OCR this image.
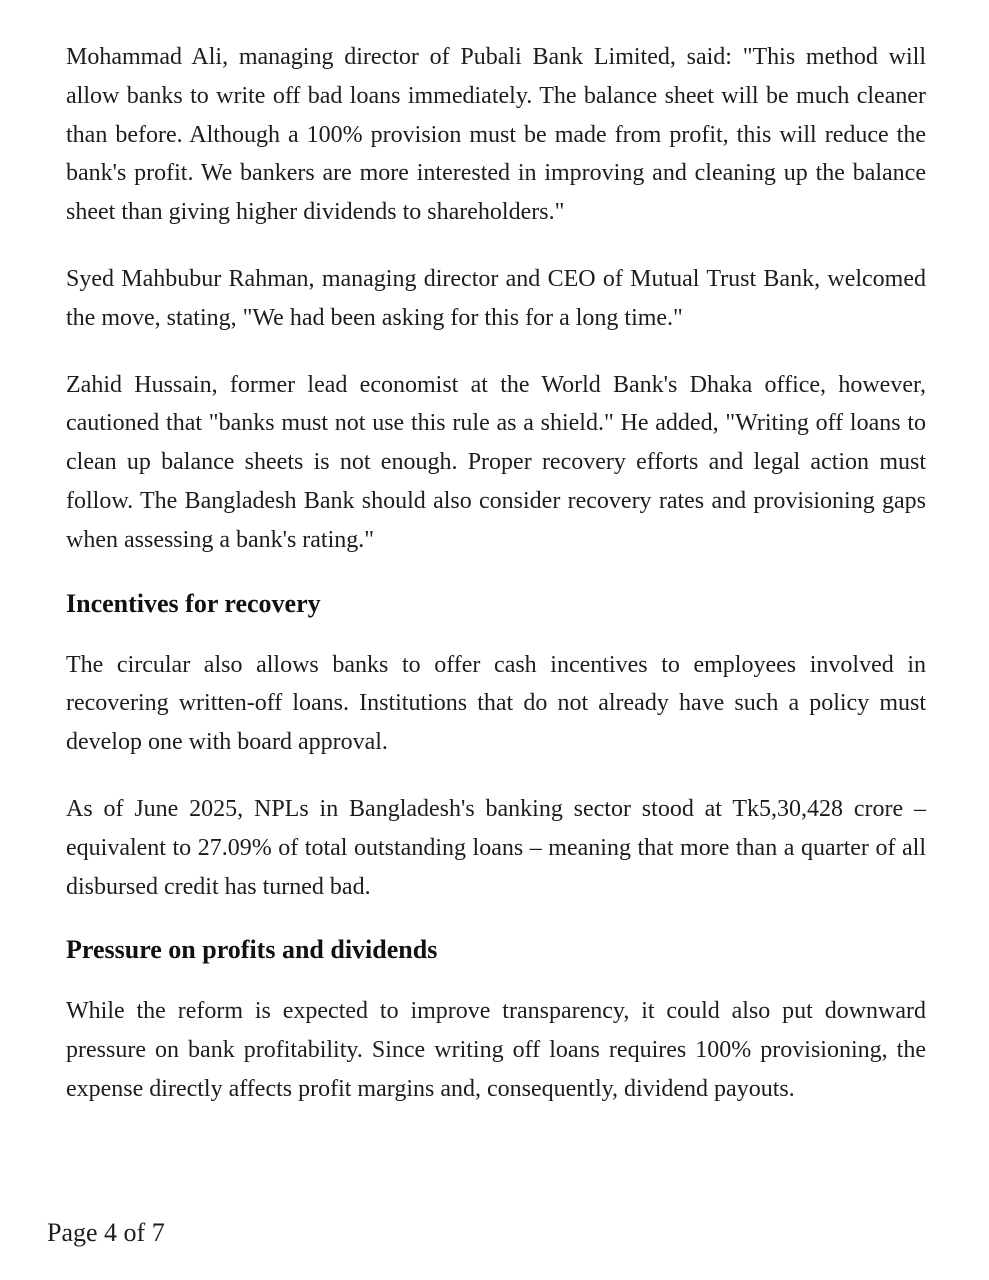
Mohammad Ali, managing director of Pubali Bank Limited, said: "This method will allow banks to write off bad loans immediately. The balance sheet will be much cleaner than before. Although a 100% provision must be made from profit, this will reduce the bank's profit. We bankers are more interested in improving and cleaning up the balance sheet than giving higher dividends to shareholders."

Syed Mahbubur Rahman, managing director and CEO of Mutual Trust Bank, welcomed the move, stating, "We had been asking for this for a long time."

Zahid Hussain, former lead economist at the World Bank's Dhaka office, however, cautioned that "banks must not use this rule as a shield." He added, "Writing off loans to clean up balance sheets is not enough. Proper recovery efforts and legal action must follow. The Bangladesh Bank should also consider recovery rates and provisioning gaps when assessing a bank's rating."

Incentives for recovery

The circular also allows banks to offer cash incentives to employees involved in recovering written-off loans. Institutions that do not already have such a policy must develop one with board approval.

As of June 2025, NPLs in Bangladesh's banking sector stood at Tk5,30,428 crore – equivalent to 27.09% of total outstanding loans – meaning that more than a quarter of all disbursed credit has turned bad.

Pressure on profits and dividends

While the reform is expected to improve transparency, it could also put downward pressure on bank profitability. Since writing off loans requires 100% provisioning, the expense directly affects profit margins and, consequently, dividend payouts.

Page 4 of 7
